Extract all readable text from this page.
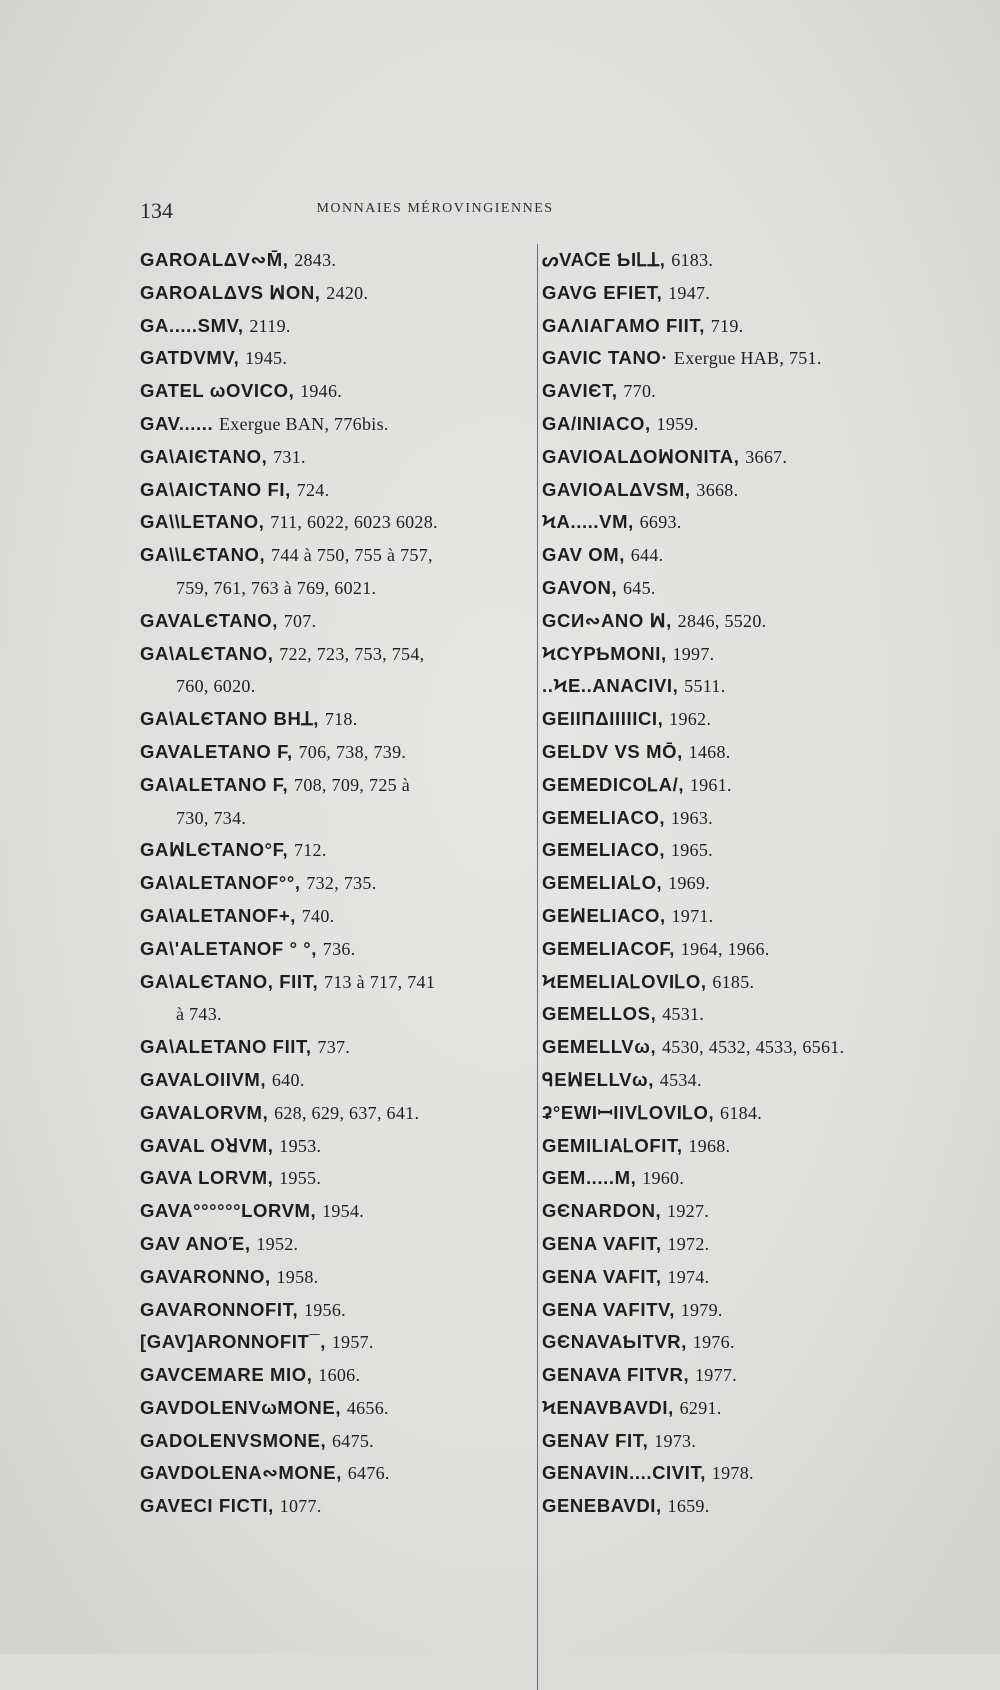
134	MONNAIES MÉROVINGIENNES
GAROALΔV∾M̄, 2843.
GAROALΔVS ꟽON, 2420.
GA.....SMV, 2119.
GATDVMV, 1945.
GATEL ωOVICO, 1946.
GAV...... Exergue BAN, 776bis.
GA\AIЄTANO, 731.
GA\AICTANO FI, 724.
GA\\LETANO, 711, 6022, 6023 6028.
GA\\LЄTANO, 744 à 750, 755 à 757,
759, 761, 763 à 769, 6021.
GAVALЄTANO, 707.
GA\ALЄTANO, 722, 723, 753, 754,
760, 6020.
GA\ALЄTANO BHꓕ, 718.
GAVALETANO F, 706, 738, 739.
GA\ALETANO F, 708, 709, 725 à
730, 734.
GAꟽLЄTANO°F, 712.
GA\ALETANOF°°, 732, 735.
GA\ALETANOF+, 740.
GA\'ALETANOF ° °, 736.
GA\ALЄTANO, FIIT, 713 à 717, 741
à 743.
GA\ALETANO FIIT, 737.
GAVALOIIVM, 640.
GAVALORVM, 628, 629, 637, 641.
GAVAL OꓤVM, 1953.
GAVA LORVM, 1955.
GAVA°°°°°°LORVM, 1954.
GAV ANOΈ, 1952.
GAVARONNO, 1958.
GAVARONNOFIT, 1956.
[GAV]ARONNOFIT¯, 1957.
GAVCEMARE MIO, 1606.
GAVDOLENVωMONE, 4656.
GADOLENVSMONE, 6475.
GAVDOLENA∾MONE, 6476.
GAVECI FICTI, 1077.
ᔕVAᏟE ƄIᏞꓕ, 6183.
GAVG EFIET, 1947.
GAΛIAΓAMO FIIT, 719.
GAVIC TANO· Exergue HAB, 751.
GAVIЄT, 770.
GA/INIACO, 1959.
GAVIOALΔOꟽONITA, 3667.
GAVIOALΔVSM, 3668.
ϞA.....VM, 6693.
GAV OM, 644.
GAVON, 645.
GCИ∾ANO ꟽ, 2846, 5520.
ϞCYPƄMONI, 1997.
..ϞE..ANACIVI, 5511.
GEIIΠΔIIIIICI, 1962.
GELDV VS MŌ, 1468.
GEMEDICOᏞΑ/, 1961.
GEMELIACO, 1963.
GEMELIACO, 1965.
GEMELIAᏞO, 1969.
GEꟽELIACO, 1971.
GEMELIACOF, 1964, 1966.
ϞEMELIAᏞOVIᏞO, 6185.
GEMELLOS, 4531.
GEMELLVω, 4530, 4532, 4533, 6561.
ᑫEꟽELLVω, 4534.
ʡ°EWIꟷIIVᏞOVIᏞO, 6184.
GEMILIAᏞOFIT, 1968.
GEM.....M, 1960.
GЄNARDON, 1927.
GENA VAFIT, 1972.
GENA VAFIT, 1974.
GENA VAFITV, 1979.
GЄNAVAƄITVR, 1976.
GENAVA FITVR, 1977.
ϞENAVBAVDI, 6291.
GENAV FIT, 1973.
GENAVIN....CIVIT, 1978.
GENEBAVDI, 1659.
